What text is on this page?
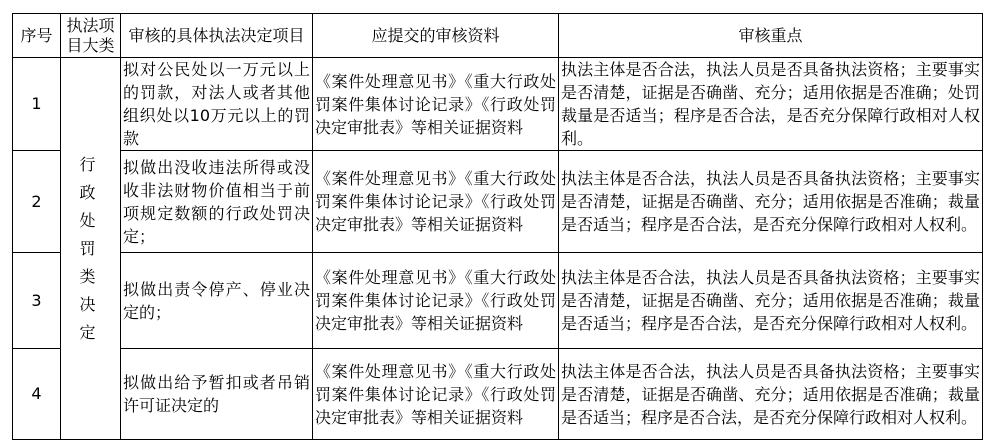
序号	执法项目大类	审核的具体执法决定项目	应提交的审核资料	审核重点
1	行政处罚类决定	拟对公民处以一万元以上的罚款，对法人或者其他组织处以10万元以上的罚款	《案件处理意见书》《重大行政处罚案件集体讨论记录》《行政处罚决定审批表》等相关证据资料	执法主体是否合法，执法人员是否具备执法资格；主要事实是否清楚，证据是否确凿、充分；适用依据是否准确；处罚裁量是否适当；程序是否合法，是否充分保障行政相对人权利。
2		拟做出没收违法所得或没收非法财物价值相当于前项规定数额的行政处罚决定；	《案件处理意见书》《重大行政处罚案件集体讨论记录》《行政处罚决定审批表》等相关证据资料	执法主体是否合法，执法人员是否具备执法资格；主要事实是否清楚，证据是否确凿、充分；适用依据是否准确；裁量是否适当；程序是否合法，是否充分保障行政相对人权利。
3		拟做出责令停产、停业决定的；	《案件处理意见书》《重大行政处罚案件集体讨论记录》《行政处罚决定审批表》等相关证据资料	执法主体是否合法，执法人员是否具备执法资格；主要事实是否清楚，证据是否确凿、充分；适用依据是否准确；裁量是否适当；程序是否合法，是否充分保障行政相对人权利。
4		拟做出给予暂扣或者吊销许可证决定的	《案件处理意见书》《重大行政处罚案件集体讨论记录》《行政处罚决定审批表》等相关证据资料	执法主体是否合法，执法人员是否具备执法资格；主要事实是否清楚，证据是否确凿、充分；适用依据是否准确；裁量是否适当；程序是否合法，是否充分保障行政相对人权利。
